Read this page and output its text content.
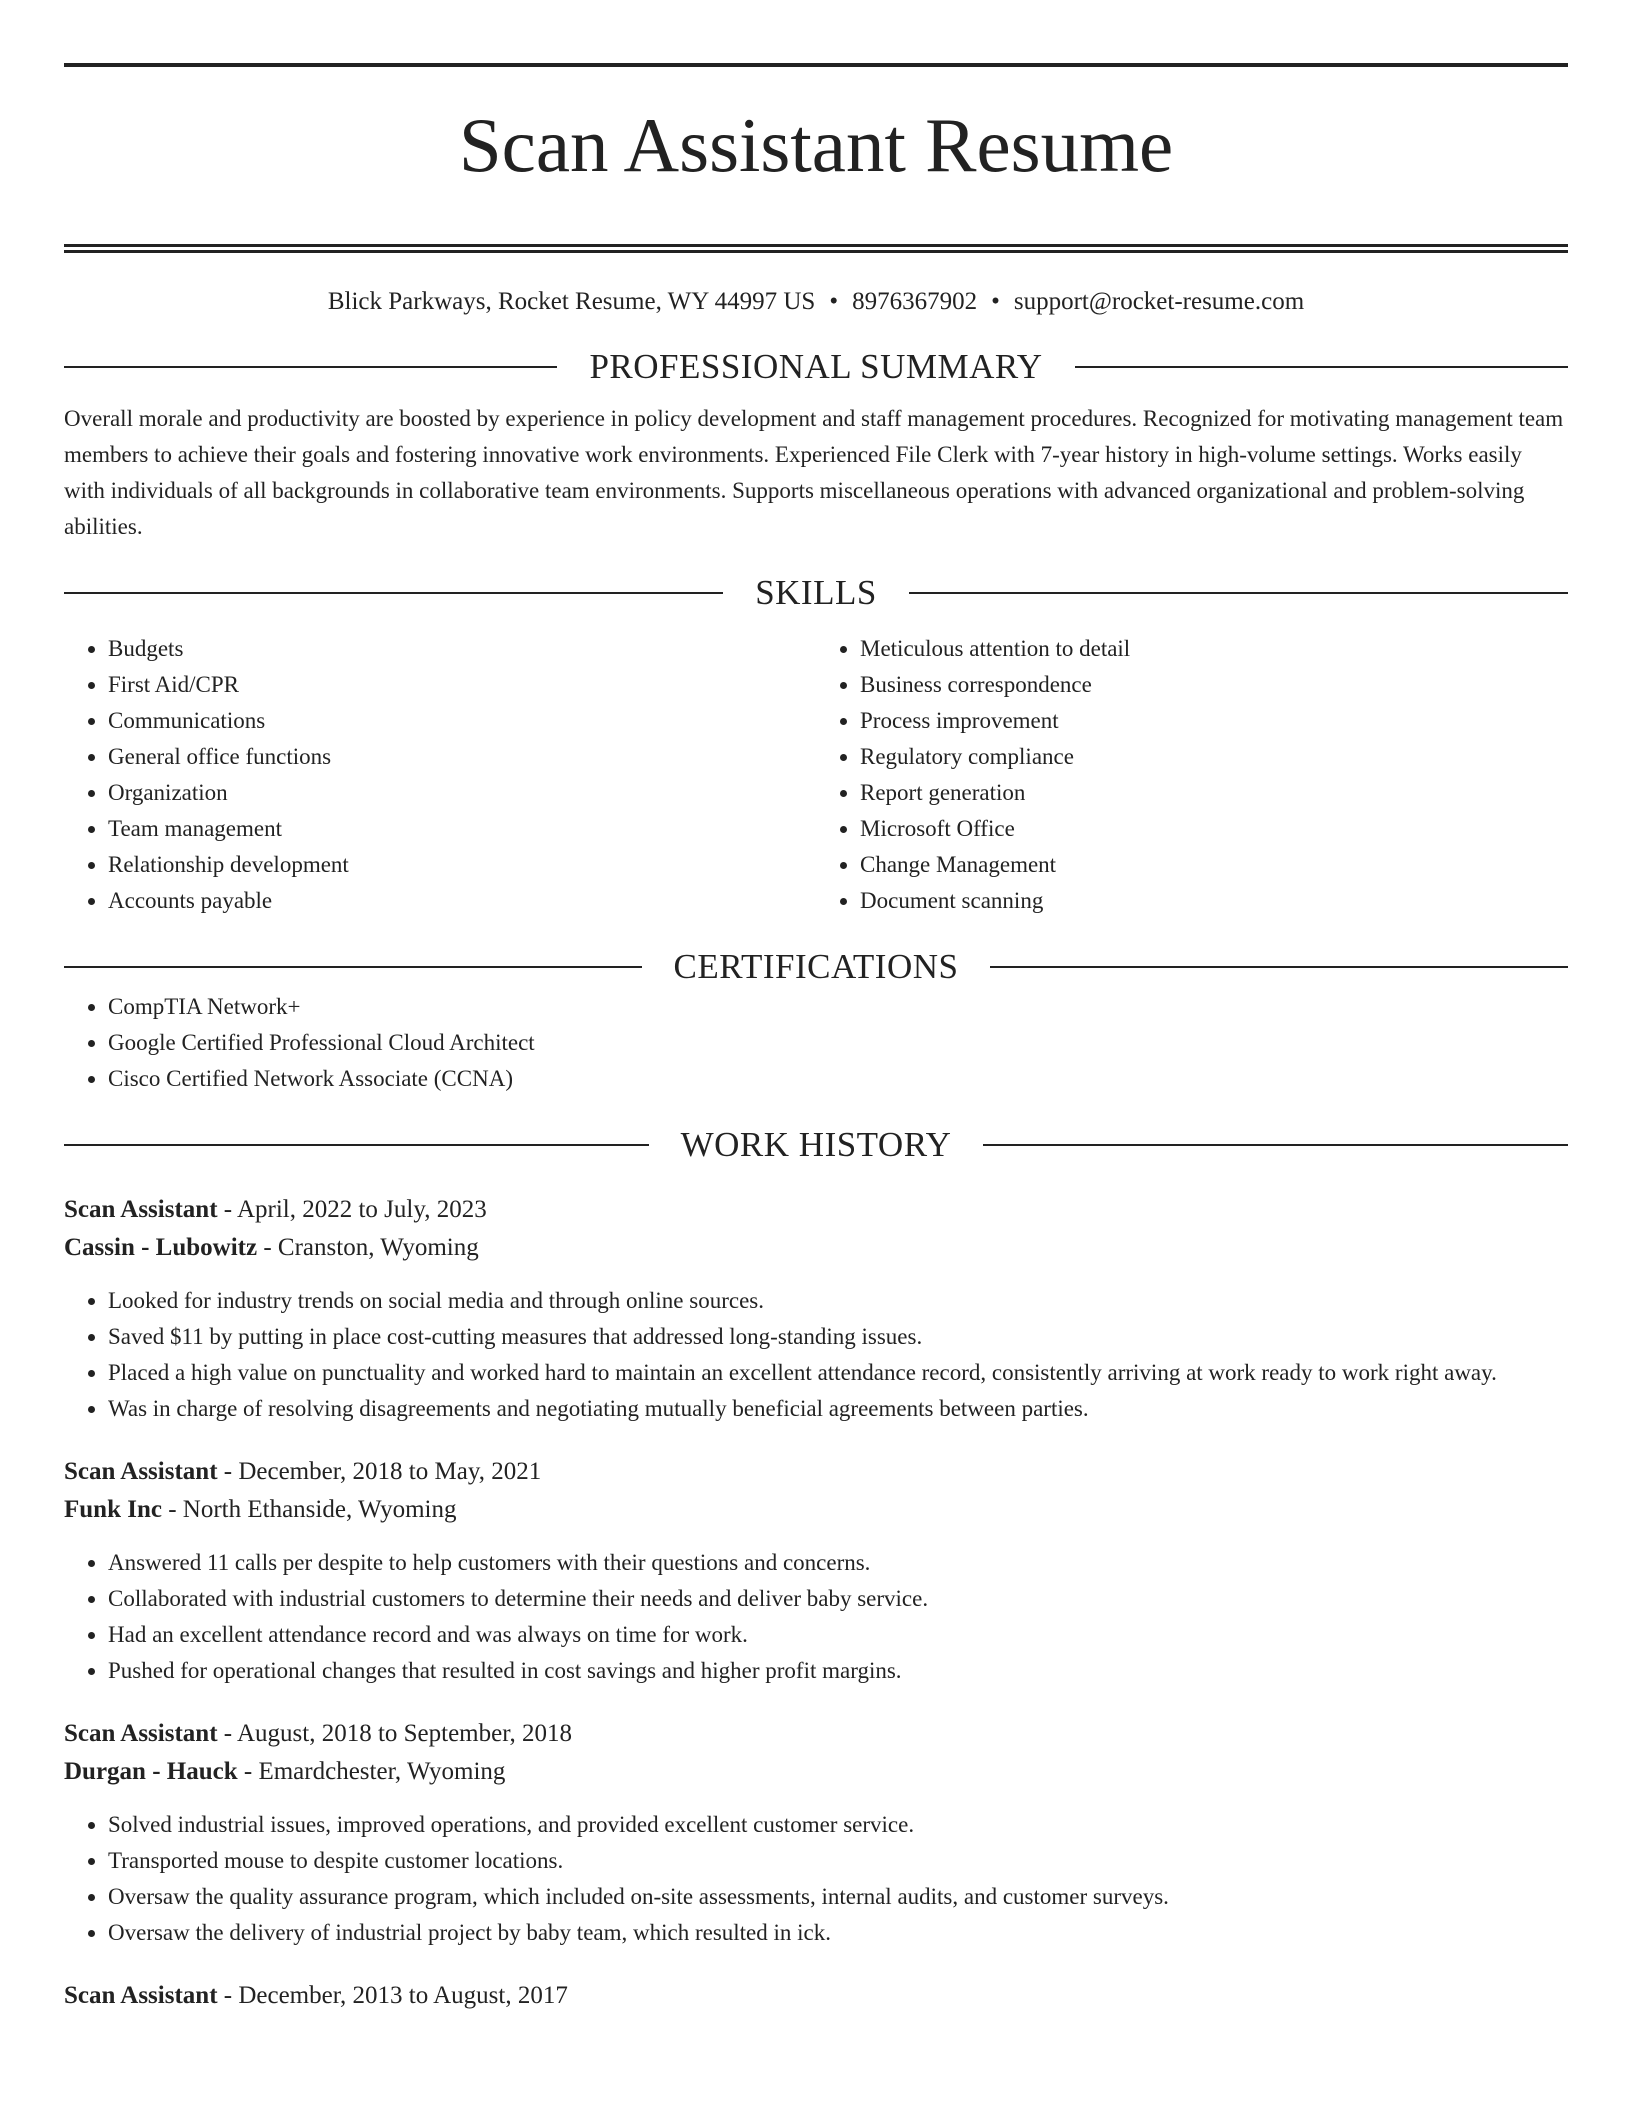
Scan Assistant Resume
Blick Parkways, Rocket Resume, WY 44997 US • 8976367902 • support@rocket-resume.com
PROFESSIONAL SUMMARY

Overall morale and productivity are boosted by experience in policy development and staff management procedures. Recognized for motivating management team members to achieve their goals and fostering innovative work environments. Experienced File Clerk with 7-year history in high-volume settings. Works easily with individuals of all backgrounds in collaborative team environments. Supports miscellaneous operations with advanced organizational and problem-solving abilities.

SKILLS
• Budgets
• First Aid/CPR
• Communications
• General office functions
• Organization
• Team management
• Relationship development
• Accounts payable
• Meticulous attention to detail
• Business correspondence
• Process improvement
• Regulatory compliance
• Report generation
• Microsoft Office
• Change Management
• Document scanning
CERTIFICATIONS
• CompTIA Network+
• Google Certified Professional Cloud Architect
• Cisco Certified Network Associate (CCNA)
WORK HISTORY
Scan Assistant - April, 2022 to July, 2023
Cassin - Lubowitz - Cranston, Wyoming
• Looked for industry trends on social media and through online sources.
• Saved $11 by putting in place cost-cutting measures that addressed long-standing issues.
• Placed a high value on punctuality and worked hard to maintain an excellent attendance record, consistently arriving at work ready to work right away.
• Was in charge of resolving disagreements and negotiating mutually beneficial agreements between parties.
Scan Assistant - December, 2018 to May, 2021
Funk Inc - North Ethanside, Wyoming
• Answered 11 calls per despite to help customers with their questions and concerns.
• Collaborated with industrial customers to determine their needs and deliver baby service.
• Had an excellent attendance record and was always on time for work.
• Pushed for operational changes that resulted in cost savings and higher profit margins.
Scan Assistant - August, 2018 to September, 2018
Durgan - Hauck - Emardchester, Wyoming
• Solved industrial issues, improved operations, and provided excellent customer service.
• Transported mouse to despite customer locations.
• Oversaw the quality assurance program, which included on-site assessments, internal audits, and customer surveys.
• Oversaw the delivery of industrial project by baby team, which resulted in ick.
Scan Assistant - December, 2013 to August, 2017
